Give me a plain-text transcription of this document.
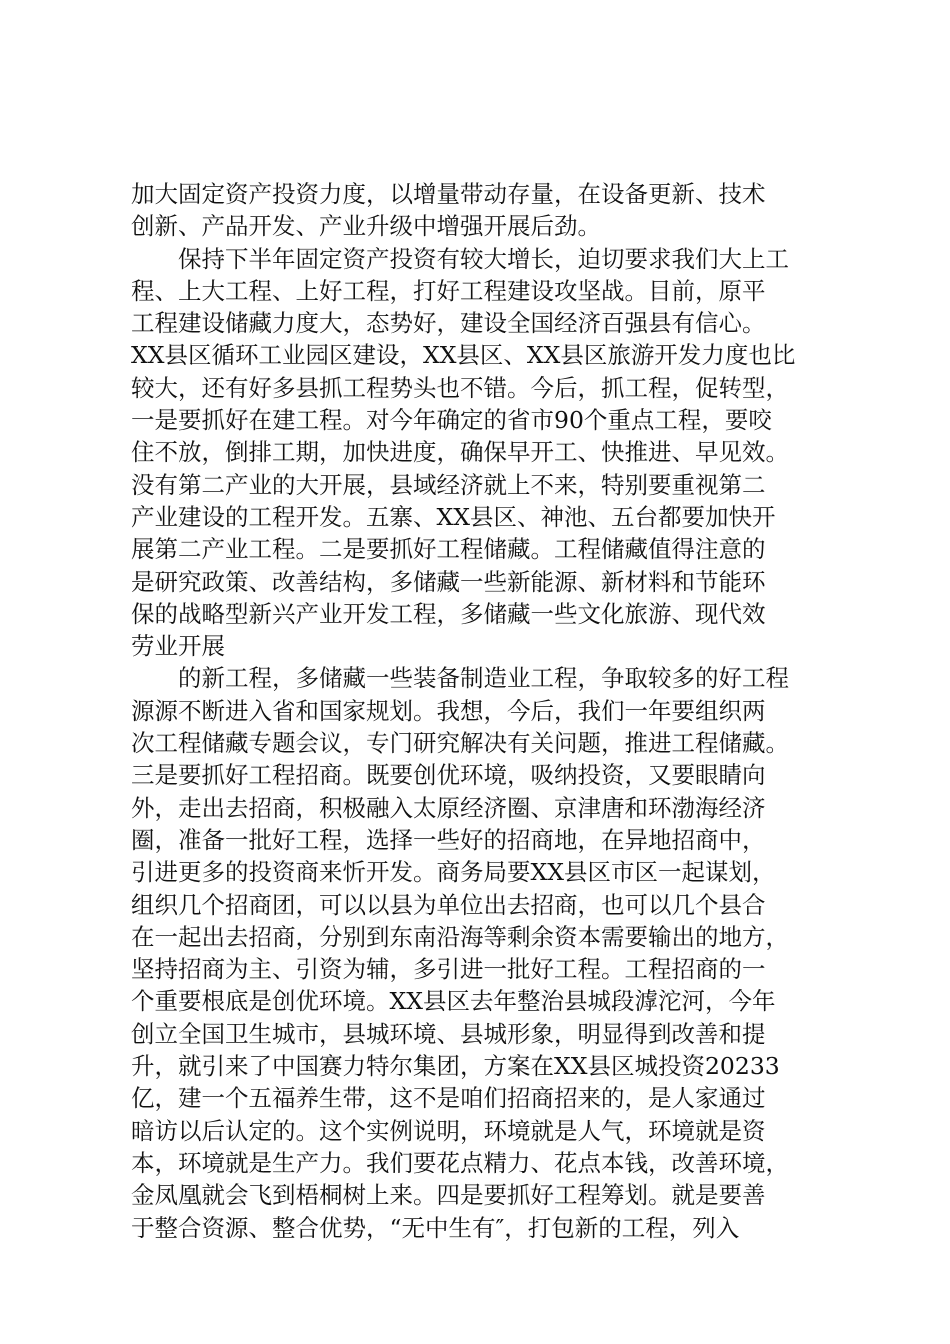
加大固定资产投资力度，以增量带动存量，在设备更新、技术
创新、产品开发、产业升级中增强开展后劲。
保持下半年固定资产投资有较大增长，迫切要求我们大上工
程、上大工程、上好工程，打好工程建设攻坚战。目前，原平
工程建设储藏力度大，态势好，建设全国经济百强县有信心。
XX县区循环工业园区建设，XX县区、XX县区旅游开发力度也比
较大，还有好多县抓工程势头也不错。今后，抓工程，促转型，
一是要抓好在建工程。对今年确定的省市90个重点工程，要咬
住不放，倒排工期，加快进度，确保早开工、快推进、早见效。
没有第二产业的大开展，县域经济就上不来，特别要重视第二
产业建设的工程开发。五寨、XX县区、神池、五台都要加快开
展第二产业工程。二是要抓好工程储藏。工程储藏值得注意的
是研究政策、改善结构，多储藏一些新能源、新材料和节能环
保的战略型新兴产业开发工程，多储藏一些文化旅游、现代效
劳业开展
的新工程，多储藏一些装备制造业工程，争取较多的好工程
源源不断进入省和国家规划。我想，今后，我们一年要组织两
次工程储藏专题会议，专门研究解决有关问题，推进工程储藏。
三是要抓好工程招商。既要创优环境，吸纳投资，又要眼睛向
外，走出去招商，积极融入太原经济圈、京津唐和环渤海经济
圈，准备一批好工程，选择一些好的招商地，在异地招商中，
引进更多的投资商来忻开发。商务局要XX县区市区一起谋划，
组织几个招商团，可以以县为单位出去招商，也可以几个县合
在一起出去招商，分别到东南沿海等剩余资本需要输出的地方，
坚持招商为主、引资为辅，多引进一批好工程。工程招商的一
个重要根底是创优环境。XX县区去年整治县城段滹沱河，今年
创立全国卫生城市，县城环境、县城形象，明显得到改善和提
升，就引来了中国赛力特尔集团，方案在XX县区城投资20233
亿，建一个五福养生带，这不是咱们招商招来的，是人家通过
暗访以后认定的。这个实例说明，环境就是人气，环境就是资
本，环境就是生产力。我们要花点精力、花点本钱，改善环境，
金凤凰就会飞到梧桐树上来。四是要抓好工程筹划。就是要善
于整合资源、整合优势，“无中生有″，打包新的工程，列入
